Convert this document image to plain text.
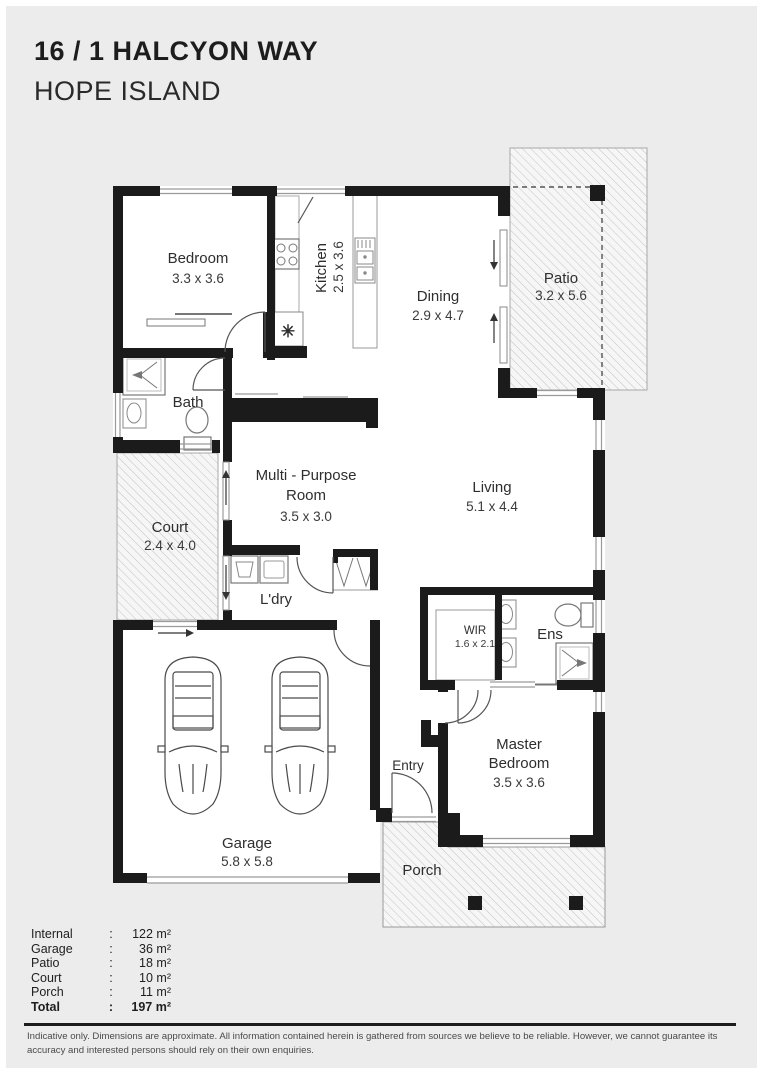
16 / 1 HALCYON WAY
HOPE ISLAND
Bedroom
3.3 x 3.6	Kitchen 2.5 x 3.6
Dining
2.9 x 4.7
Patio
3.2 x 5.6
Bath
Multi - Purpose
Room
3.5 x 3.0
Living
5.1 x 4.4
Court
2.4 x 4.0
L'dry
WIR
1.6 x 2.1
Ens
Master
Bedroom
3.5 x 3.6
Entry
Garage
5.8 x 5.8
Porch
✳
Internal	:	122 m²
Garage	:	36 m²
Patio	:	18 m²
Court	:	10 m²
Porch	:	11 m²
Total	:	197 m²
Indicative only. Dimensions are approximate. All information contained herein is gathered from sources we believe to be reliable. However, we cannot guarantee its accuracy and interested persons should rely on their own enquiries.
